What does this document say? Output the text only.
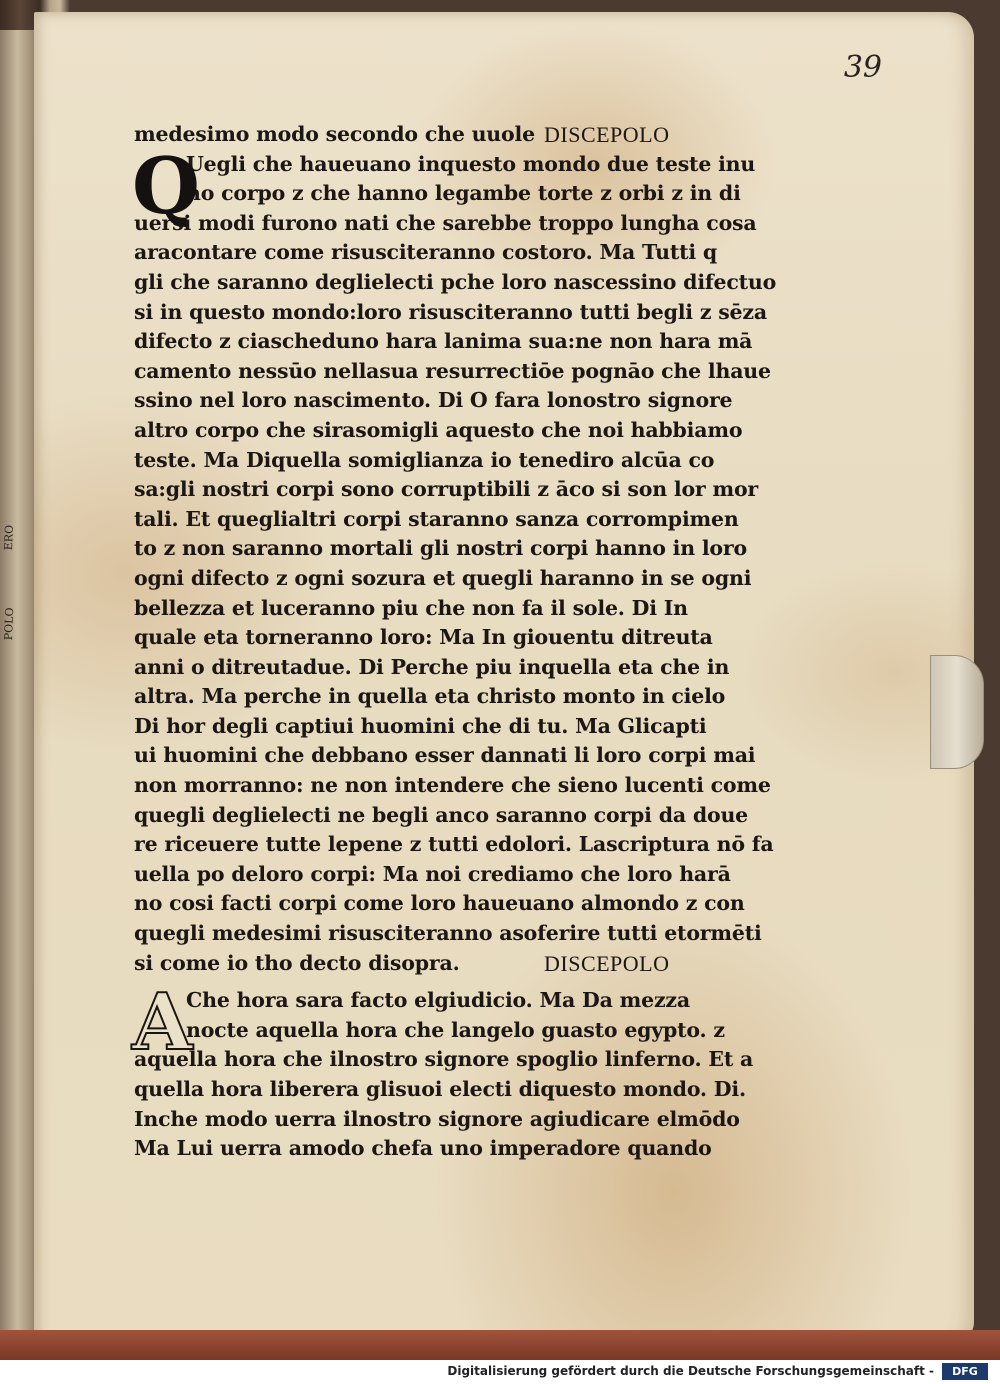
ERO
POLO
39
medesimo modo secondo che uuole DISCEPOLO
Q
Uegli che haueuano inquesto mondo due teste inu
no corpo z che hanno legambe torte z orbi z in di
uersi modi furono nati che sarebbe troppo lungha cosa
aracontare come risusciteranno costoro. Ma Tutti q
gli che saranno deglielecti pche loro nascessino difectuo
si in questo mondo:loro risusciteranno tutti begli z sēza
difecto z ciascheduno hara lanima sua:ne non hara mā
camento nessūo nellasua resurrectiōe pognāo che lhaue
ssino nel loro nascimento. Di O fara lonostro signore
altro corpo che sirasomigli aquesto che noi habbiamo
teste. Ma Diquella somiglianza io tenediro alcūa co
sa:gli nostri corpi sono corruptibili z āco si son lor mor
tali. Et queglialtri corpi staranno sanza corrompimen
to z non saranno mortali gli nostri corpi hanno in loro
ogni difecto z ogni sozura et quegli haranno in se ogni
bellezza et luceranno piu che non fa il sole. Di In
quale eta torneranno loro: Ma In giouentu ditreuta
anni o ditreutadue. Di Perche piu inquella eta che in
altra. Ma perche in quella eta christo monto in cielo
Di hor degli captiui huomini che di tu. Ma Glicapti
ui huomini che debbano esser dannati li loro corpi mai
non morranno: ne non intendere che sieno lucenti come
quegli deglielecti ne begli anco saranno corpi da doue
re riceuere tutte lepene z tutti edolori. Lascriptura nō fa
uella po deloro corpi: Ma noi crediamo che loro harā
no cosi facti corpi come loro haueuano almondo z con
quegli medesimi risusciteranno asoferire tutti etormēti
si come io tho decto disopra.	DISCEPOLO
A
Che hora sara facto elgiudicio. Ma Da mezza
nocte aquella hora che langelo guasto egypto. z
aquella hora che ilnostro signore spoglio linferno. Et a
quella hora liberera glisuoi electi diquesto mondo. Di.
Inche modo uerra ilnostro signore agiudicare elmōdo
Ma Lui uerra amodo chefa uno imperadore quando
Digitalisierung gefördert durch die Deutsche Forschungsgemeinschaft -	DFG
